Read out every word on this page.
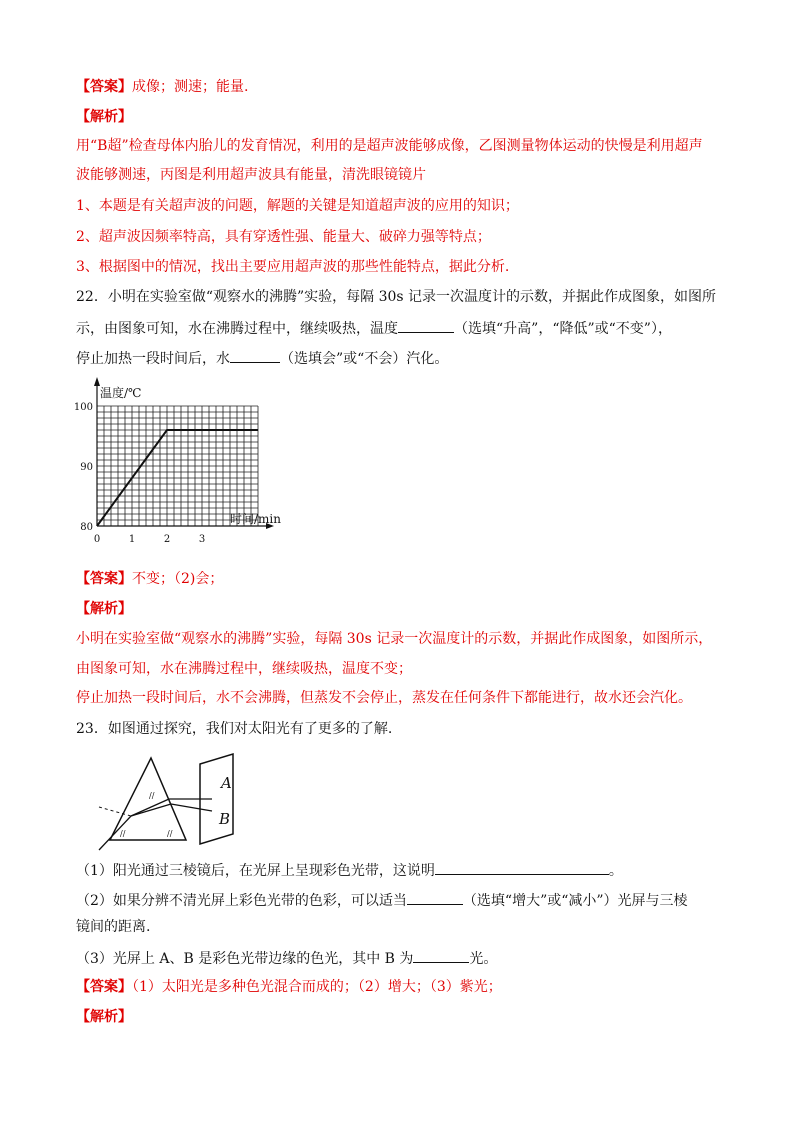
【答案】成像；测速；能量.
【解析】
用“B超”检查母体内胎儿的发育情况，利用的是超声波能够成像，乙图测量物体运动的快慢是利用超声
波能够测速，丙图是利用超声波具有能量，清洗眼镜镜片
1、本题是有关超声波的问题，解题的关键是知道超声波的应用的知识；
2、超声波因频率特高，具有穿透性强、能量大、破碎力强等特点；
3、根据图中的情况，找出主要应用超声波的那些性能特点，据此分析.
22．小明在实验室做“观察水的沸腾”实验，每隔 30s 记录一次温度计的示数，并据此作成图象，如图所
示，由图象可知，水在沸腾过程中，继续吸热，温度	（选填“升高”，“降低”或“不变”），
停止加热一段时间后，水	（选填会”或“不会）汽化。
0	1	2	3
80
90
100
温度/℃
时间/min
【答案】不变；（2)会；
【解析】
小明在实验室做“观察水的沸腾”实验，每隔 30s 记录一次温度计的示数，并据此作成图象，如图所示，
由图象可知，水在沸腾过程中，继续吸热，温度不变；
停止加热一段时间后，水不会沸腾，但蒸发不会停止，蒸发在任何条件下都能进行，故水还会汽化。
23．如图通过探究，我们对太阳光有了更多的了解.
//
//	//
A
B
（1）阳光通过三棱镜后，在光屏上呈现彩色光带，这说明	。
（2）如果分辨不清光屏上彩色光带的色彩，可以适当	（选填“增大”或“减小”）光屏与三棱
镜间的距离.
（3）光屏上 A、B 是彩色光带边缘的色光，其中 B 为	光。
【答案】（1）太阳光是多种色光混合而成的；（2）增大；（3）紫光；
【解析】
